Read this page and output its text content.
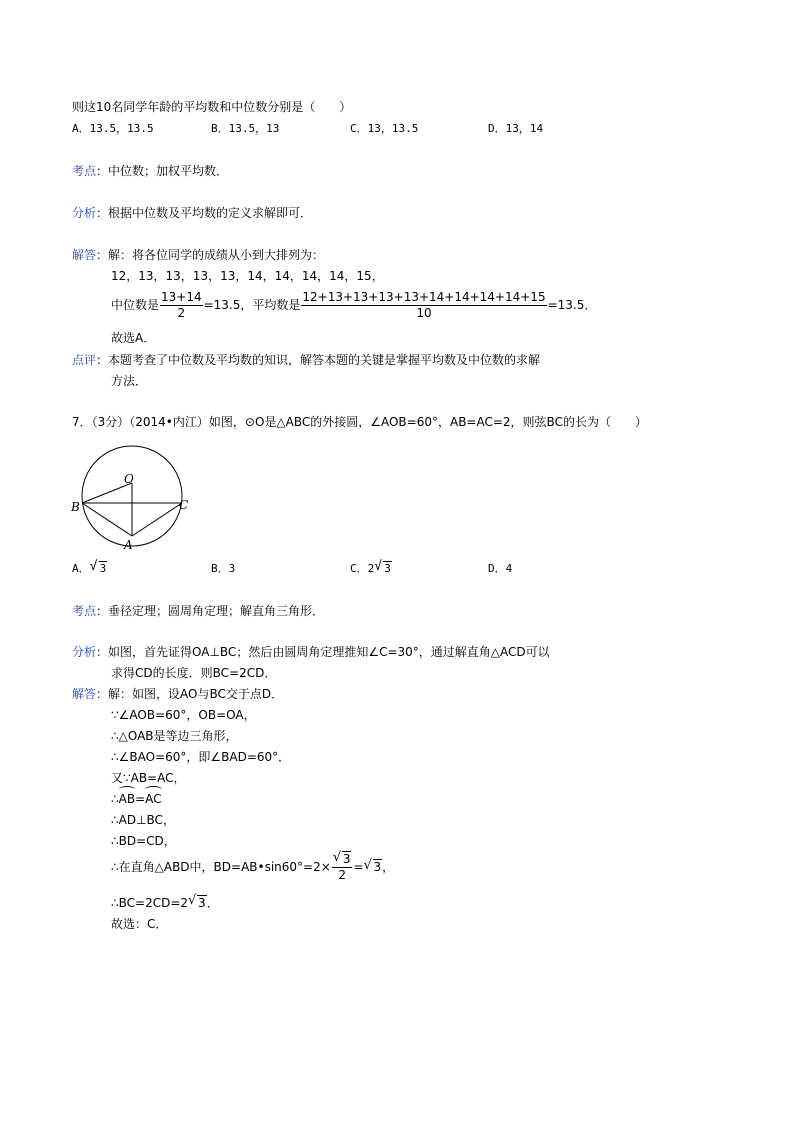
则这10名同学年龄的平均数和中位数分别是（　　）
A．13.5，13.5	B．13.5，13	C．13，13.5	D．13，14
考点：中位数；加权平均数．
分析：根据中位数及平均数的定义求解即可．
解答：解：将各位同学的成绩从小到大排列为：
12，13，13，13，13，14，14，14，14，15，
中位数是 $\frac{13+14}{2} =13.5$，平均数是 $\frac{12+13+13+13+13+14+14+14+14+15}{10} =13.5$．
故选A．
点评：本题考查了中位数及平均数的知识，解答本题的关键是掌握平均数及中位数的求解
方法．
7．（3分）（2014•内江）如图，⊙O是△ABC的外接圆，∠AOB=60°，AB=AC=2，则弦BC的长为（　　）
O
B	C
A
A． √ 3	B．3	C．2 √ 3	D．4
考点：垂径定理；圆周角定理；解直角三角形．
分析：如图，首先证得OA⊥BC；然后由圆周角定理推知∠C=30°，通过解直角△ACD可以
求得CD的长度．则BC=2CD．
解答：解：如图，设AO与BC交于点D．
∵∠AOB=60°，OB=OA，
∴△OAB是等边三角形，
∴∠BAO=60°，即∠BAD=60°．
又∵AB=AC，
∴AB=AC
∴AD⊥BC，
∴BD=CD，
∴在直角△ABD中，BD=AB•sin60°=2× $\frac{√ 3}{2}$ = √ 3，
∴BC=2CD=2 √ 3．
故选：C．
